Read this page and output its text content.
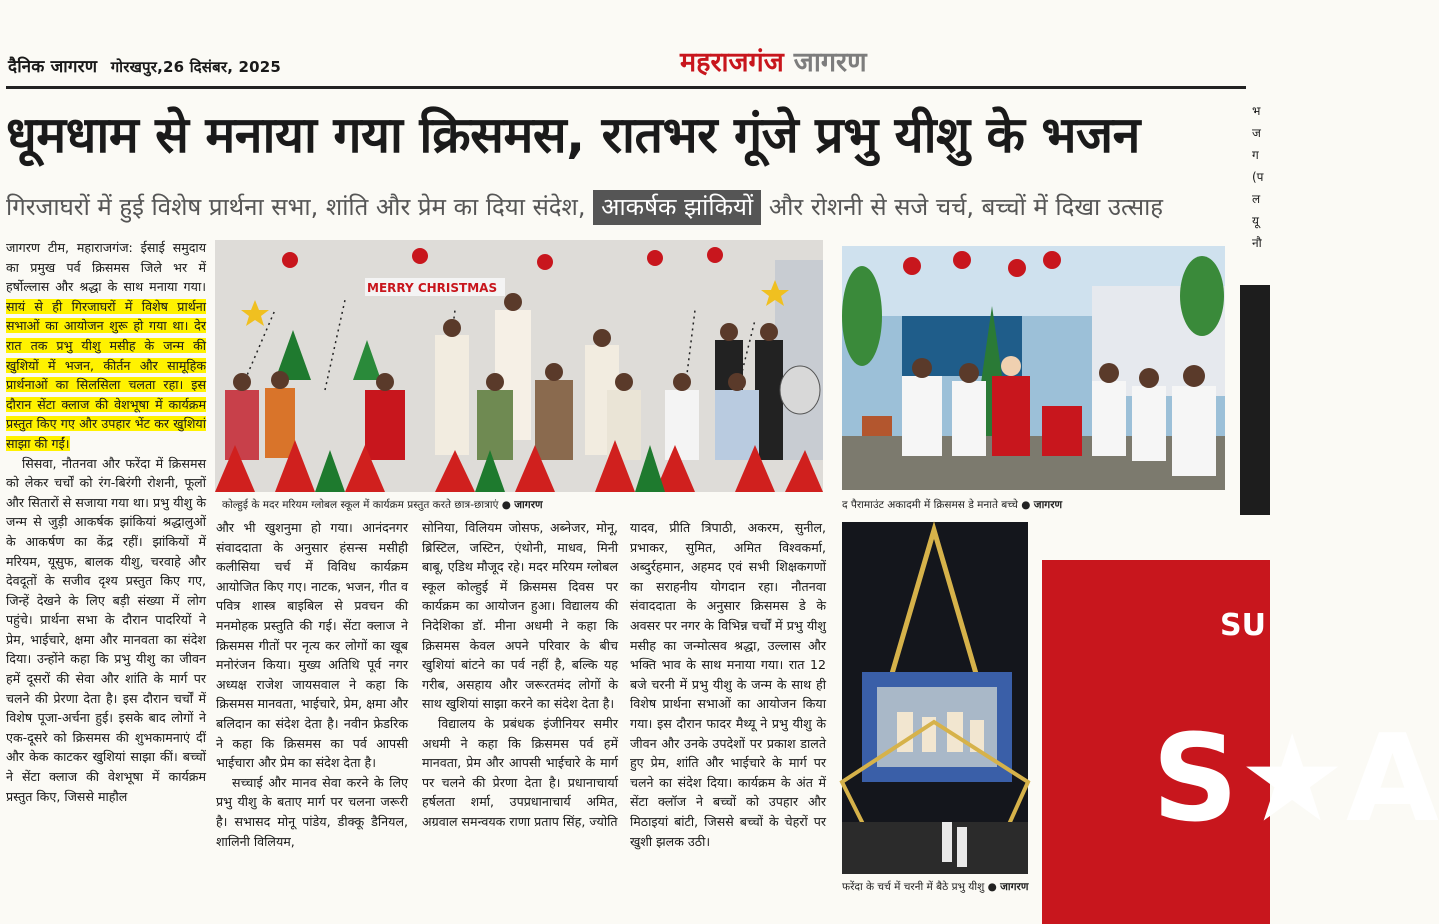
दैनिक जागरण गोरखपुर,26 दिसंबर, 2025	महराजगंज जागरण
धूमधाम से मनाया गया क्रिसमस, रातभर गूंजे प्रभु यीशु के भजन
गिरजाघरों में हुई विशेष प्रार्थना सभा, शांति और प्रेम का दिया संदेश, आकर्षक झांकियों और रोशनी से सजे चर्च, बच्चों में दिखा उत्साह

जागरण टीम, महाराजगंज: ईसाई समुदाय का प्रमुख पर्व क्रिसमस जिले भर में हर्षोल्लास और श्रद्धा के साथ मनाया गया। सायं से ही गिरजाघरों में विशेष प्रार्थना सभाओं का आयोजन शुरू हो गया था। देर रात तक प्रभु यीशु मसीह के जन्म की खुशियों में भजन, कीर्तन और सामूहिक प्रार्थनाओं का सिलसिला चलता रहा। इस दौरान सेंटा क्लाज की वेशभूषा में कार्यक्रम प्रस्तुत किए गए और उपहार भेंट कर खुशियां साझा की गईं।

सिसवा, नौतनवा और फरेंदा में क्रिसमस को लेकर चर्चों को रंग-बिरंगी रोशनी, फूलों और सितारों से सजाया गया था। प्रभु यीशु के जन्म से जुड़ी आकर्षक झांकियां श्रद्धालुओं के आकर्षण का केंद्र रहीं। झांकियों में मरियम, यूसुफ, बालक यीशु, चरवाहे और देवदूतों के सजीव दृश्य प्रस्तुत किए गए, जिन्हें देखने के लिए बड़ी संख्या में लोग पहुंचे। प्रार्थना सभा के दौरान पादरियों ने प्रेम, भाईचारे, क्षमा और मानवता का संदेश दिया। उन्होंने कहा कि प्रभु यीशु का जीवन हमें दूसरों की सेवा और शांति के मार्ग पर चलने की प्रेरणा देता है। इस दौरान चर्चों में विशेष पूजा-अर्चना हुई। इसके बाद लोगों ने एक-दूसरे को क्रिसमस की शुभकामनाएं दीं और केक काटकर खुशियां साझा कीं। बच्चों ने सेंटा क्लाज की वेशभूषा में कार्यक्रम प्रस्तुत किए, जिससे माहौल

MERRY CHRISTMAS
कोल्हुई के मदर मरियम ग्लोबल स्कूल में कार्यक्रम प्रस्तुत करते छात्र-छात्राएं ● जागरण	द पैरामाउंट अकादमी में क्रिसमस डे मनाते बच्चे ● जागरण

और भी खुशनुमा हो गया। आनंदनगर संवाददाता के अनुसार हंसन्स मसीही कलीसिया चर्च में विविध कार्यक्रम आयोजित किए गए। नाटक, भजन, गीत व पवित्र शास्त्र बाइबिल से प्रवचन की मनमोहक प्रस्तुति की गई। सेंटा क्लाज ने क्रिसमस गीतों पर नृत्य कर लोगों का खूब मनोरंजन किया। मुख्य अतिथि पूर्व नगर अध्यक्ष राजेश जायसवाल ने कहा कि क्रिसमस मानवता, भाईचारे, प्रेम, क्षमा और बलिदान का संदेश देता है। नवीन फ्रेडरिक ने कहा कि क्रिसमस का पर्व आपसी भाईचारा और प्रेम का संदेश देता है।

सच्चाई और मानव सेवा करने के लिए प्रभु यीशु के बताए मार्ग पर चलना जरूरी है। सभासद मोनू पांडेय, डीक्कू डैनियल, शालिनी विलियम,

सोनिया, विलियम जोसफ, अब्नेजर, मोनू, ब्रिस्टिल, जस्टिन, एंथोनी, माधव, मिनी बाबू, एडिथ मौजूद रहे। मदर मरियम ग्लोबल स्कूल कोल्हुई में क्रिसमस दिवस पर कार्यक्रम का आयोजन हुआ। विद्यालय की निदेशिका डॉ. मीना अधमी ने कहा कि क्रिसमस केवल अपने परिवार के बीच खुशियां बांटने का पर्व नहीं है, बल्कि यह गरीब, असहाय और जरूरतमंद लोगों के साथ खुशियां साझा करने का संदेश देता है।

विद्यालय के प्रबंधक इंजीनियर समीर अधमी ने कहा कि क्रिसमस पर्व हमें मानवता, प्रेम और आपसी भाईचारे के मार्ग पर चलने की प्रेरणा देता है। प्रधानाचार्या हर्षलता शर्मा, उपप्रधानाचार्य अमित, अग्रवाल समन्वयक राणा प्रताप सिंह, ज्योति

यादव, प्रीति त्रिपाठी, अकरम, सुनील, प्रभाकर, सुमित, अमित विश्वकर्मा, अब्दुर्रहमान, अहमद एवं सभी शिक्षकगणों का सराहनीय योगदान रहा। नौतनवा संवाददाता के अनुसार क्रिसमस डे के अवसर पर नगर के विभिन्न चर्चों में प्रभु यीशु मसीह का जन्मोत्सव श्रद्धा, उल्लास और भक्ति भाव के साथ मनाया गया। रात 12 बजे चरनी में प्रभु यीशु के जन्म के साथ ही विशेष प्रार्थना सभाओं का आयोजन किया गया। इस दौरान फादर मैथ्यू ने प्रभु यीशु के जीवन और उनके उपदेशों पर प्रकाश डालते हुए प्रेम, शांति और भाईचारे के मार्ग पर चलने का संदेश दिया। कार्यक्रम के अंत में सेंटा क्लॉज ने बच्चों को उपहार और मिठाइयां बांटी, जिससे बच्चों के चेहरों पर खुशी झलक उठी।

फरेंदा के चर्च में चरनी में बैठे प्रभु यीशु ● जागरण
भ ज ग (प ल यू नौ
SU
S★A
